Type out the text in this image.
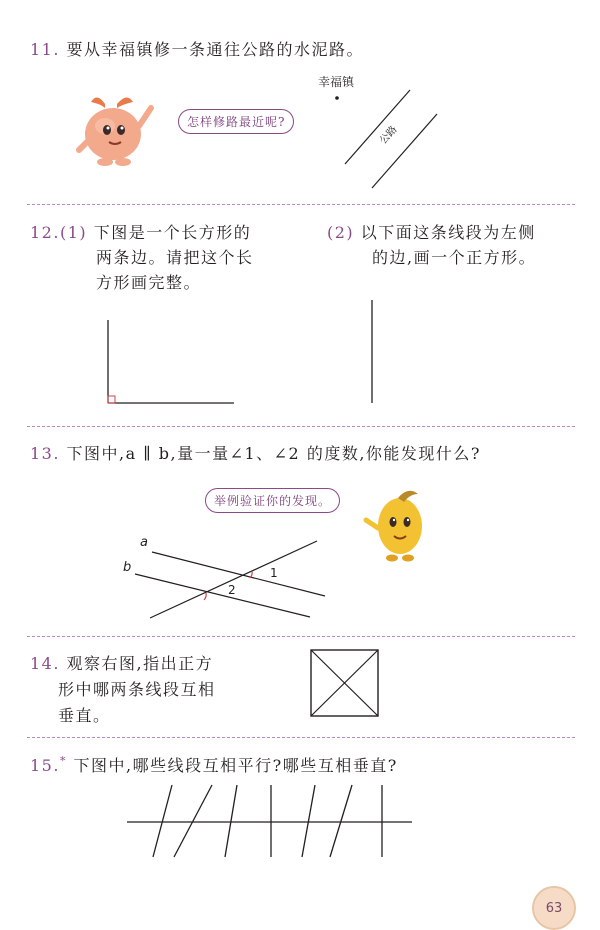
11. 要从幸福镇修一条通往公路的水泥路。
怎样修路最近呢?
幸福镇
公路
12.(1) 下图是一个长方形的
两条边。请把这个长
方形画完整。
(2) 以下面这条线段为左侧
的边,画一个正方形。
13. 下图中,a ∥ b,量一量∠1、∠2 的度数,你能发现什么?
举例验证你的发现。
a
b	1
2
14. 观察右图,指出正方
形中哪两条线段互相
垂直。
15.* 下图中,哪些线段互相平行?哪些互相垂直?
63
